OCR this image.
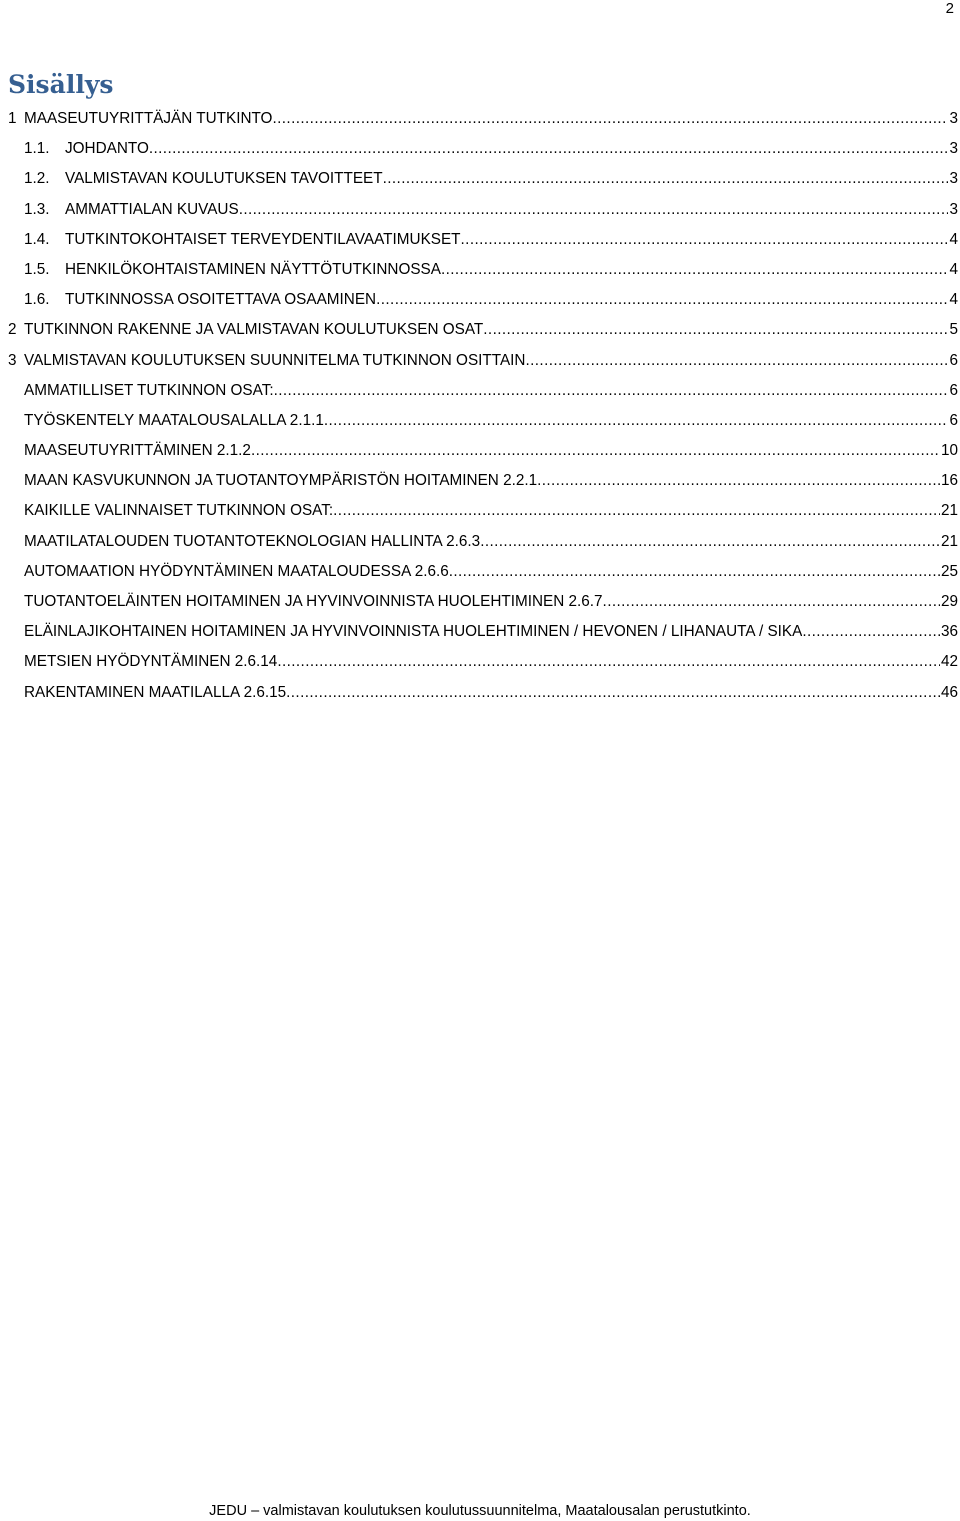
2
Sisällys
1 MAASEUTUYRITTÄJÄN TUTKINTO .....	3
1.1.	JOHDANTO .....	3
1.2.	VALMISTAVAN KOULUTUKSEN TAVOITTEET .....	3
1.3.	AMMATTIALAN KUVAUS .....	3
1.4.	TUTKINTOKOHTAISET TERVEYDENTILAVAATIMUKSET .....	4
1.5.	HENKILÖKOHTAISTAMINEN NÄYTTÖTUTKINNOSSA .....	4
1.6.	TUTKINNOSSA OSOITETTAVA OSAAMINEN .....	4
2 TUTKINNON RAKENNE JA VALMISTAVAN KOULUTUKSEN OSAT .....	5
3 VALMISTAVAN KOULUTUKSEN SUUNNITELMA TUTKINNON OSITTAIN .....	6
AMMATILLISET TUTKINNON OSAT: .....	6
TYÖSKENTELY MAATALOUSALALLA 2.1.1 .....	6
MAASEUTUYRITTÄMINEN 2.1.2 .....	10
MAAN KASVUKUNNON JA TUOTANTOYMPÄRISTÖN HOITAMINEN 2.2.1 .....	16
KAIKILLE VALINNAISET TUTKINNON OSAT: .....	21
MAATILATALOUDEN TUOTANTOTEKNOLOGIAN HALLINTA 2.6.3 .....	21
AUTOMAATION HYÖDYNTÄMINEN MAATALOUDESSA 2.6.6 .....	25
TUOTANTOELÄINTEN HOITAMINEN JA HYVINVOINNISTA HUOLEHTIMINEN 2.6.7 .....	29
ELÄINLAJIKOHTAINEN HOITAMINEN JA HYVINVOINNISTA HUOLEHTIMINEN / HEVONEN / LIHANAUTA / SIKA .....	36
METSIEN HYÖDYNTÄMINEN 2.6.14 .....	42
RAKENTAMINEN MAATILALLA 2.6.15 .....	46
JEDU – valmistavan koulutuksen koulutussuunnitelma, Maatalousalan perustutkinto.
